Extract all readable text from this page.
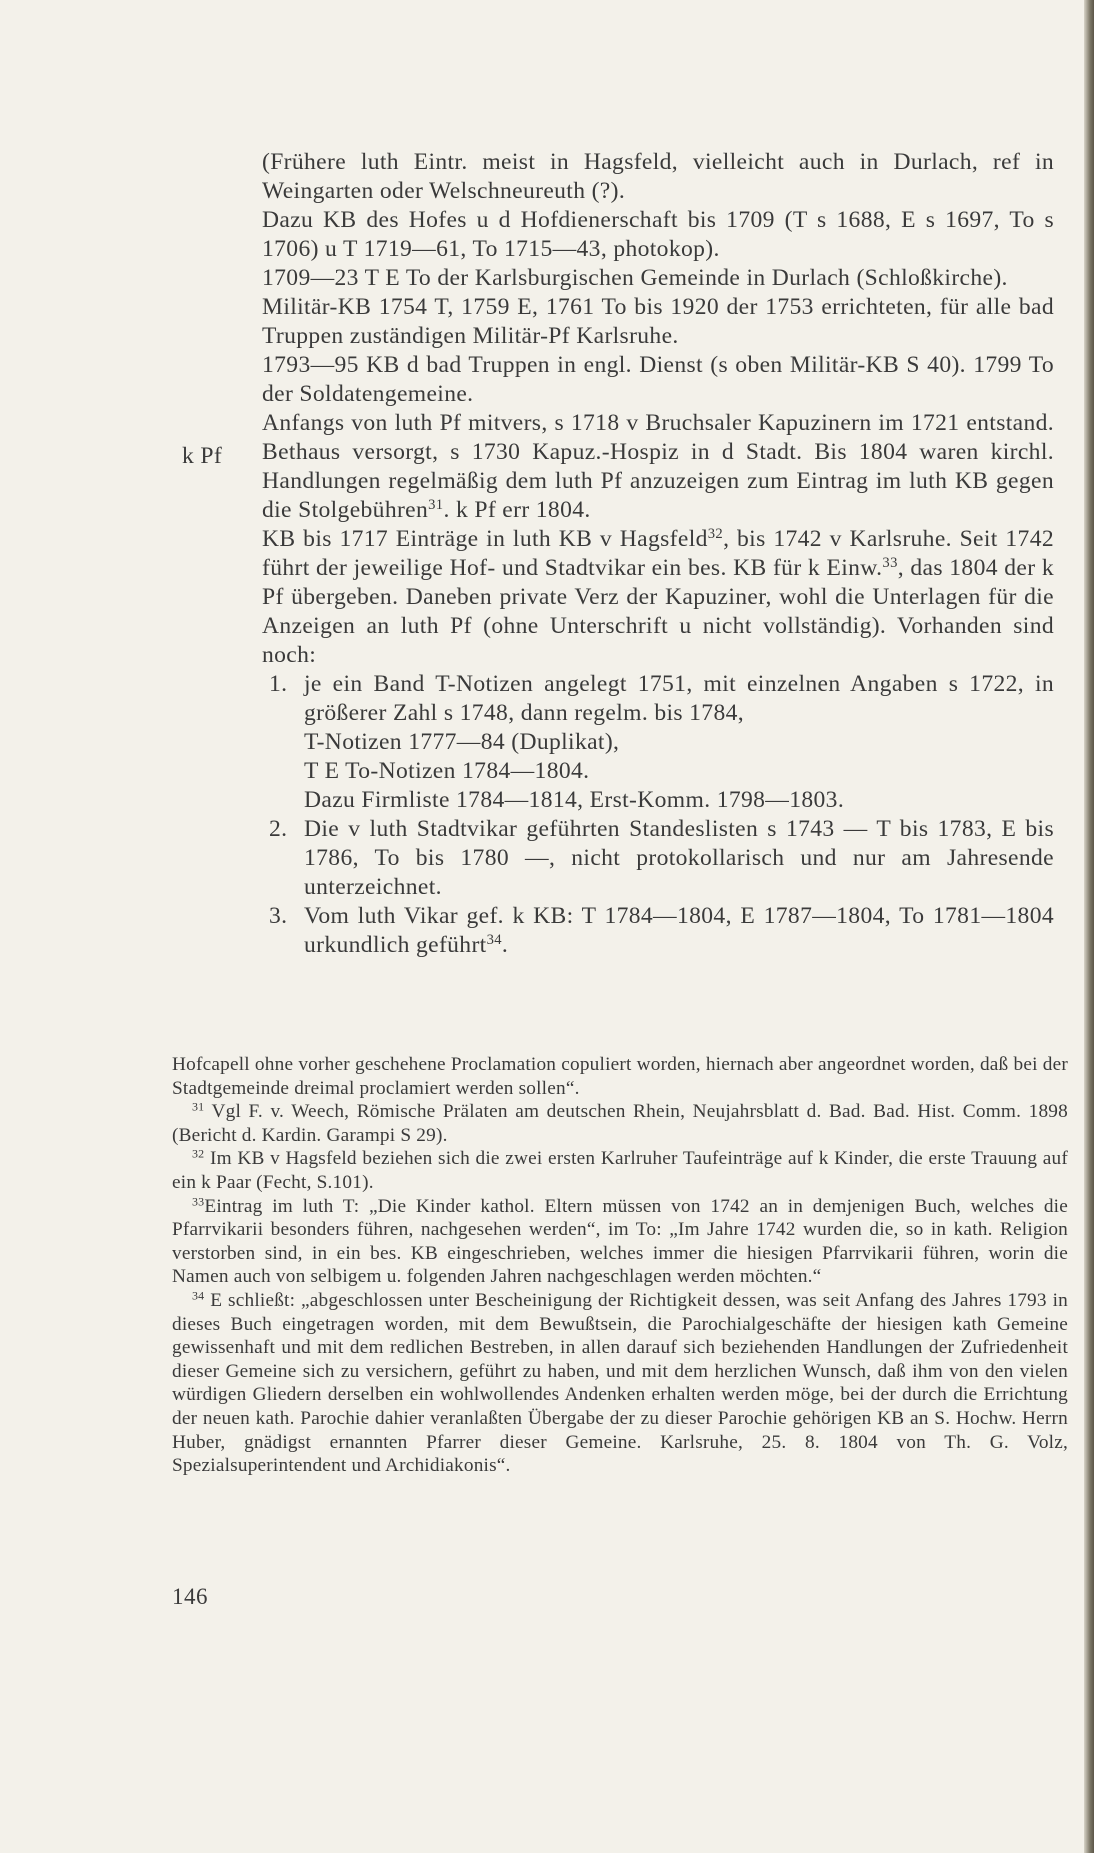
k Pf

(Frühere luth Eintr. meist in Hagsfeld, vielleicht auch in Durlach, ref in Weingarten oder Welschneureuth (?).

Dazu KB des Hofes u d Hofdienerschaft bis 1709 (T s 1688, E s 1697, To s 1706) u T 1719—61, To 1715—43, photokop).

1709—23 T E To der Karlsburgischen Gemeinde in Durlach (Schloßkirche).

Militär-KB 1754 T, 1759 E, 1761 To bis 1920 der 1753 errichteten, für alle bad Truppen zuständigen Militär-Pf Karlsruhe.

1793—95 KB d bad Truppen in engl. Dienst (s oben Militär-KB S 40). 1799 To der Soldatengemeine.

Anfangs von luth Pf mitvers, s 1718 v Bruchsaler Kapuzinern im 1721 entstand. Bethaus versorgt, s 1730 Kapuz.-Hospiz in d Stadt. Bis 1804 waren kirchl. Handlungen regelmäßig dem luth Pf anzuzeigen zum Eintrag im luth KB gegen die Stolgebühren$^{31}$. k Pf err 1804.

KB bis 1717 Einträge in luth KB v Hagsfeld$^{32}$, bis 1742 v Karlsruhe. Seit 1742 führt der jeweilige Hof- und Stadtvikar ein bes. KB für k Einw.$^{33}$, das 1804 der k Pf übergeben. Daneben private Verz der Kapuziner, wohl die Unterlagen für die Anzeigen an luth Pf (ohne Unterschrift u nicht vollständig). Vorhanden sind noch:

1. je ein Band T-Notizen angelegt 1751, mit einzelnen Angaben s 1722, in größerer Zahl s 1748, dann regelm. bis 1784,

T-Notizen 1777—84 (Duplikat),

T E To-Notizen 1784—1804.

Dazu Firmliste 1784—1814, Erst-Komm. 1798—1803.

2. Die v luth Stadtvikar geführten Standeslisten s 1743 — T bis 1783, E bis 1786, To bis 1780 —, nicht protokollarisch und nur am Jahresende unterzeichnet.

3. Vom luth Vikar gef. k KB: T 1784—1804, E 1787—1804, To 1781—1804 urkundlich geführt$^{34}$.

Hofcapell ohne vorher geschehene Proclamation copuliert worden, hiernach aber angeordnet worden, daß bei der Stadtgemeinde dreimal proclamiert werden sollen“.

$^{31}$ Vgl F. v. Weech, Römische Prälaten am deutschen Rhein, Neujahrsblatt d. Bad. Bad. Hist. Comm. 1898 (Bericht d. Kardin. Garampi S 29).

$^{32}$ Im KB v Hagsfeld beziehen sich die zwei ersten Karlruher Taufeinträge auf k Kinder, die erste Trauung auf ein k Paar (Fecht, S.101).

$^{33}$Eintrag im luth T: „Die Kinder kathol. Eltern müssen von 1742 an in demjenigen Buch, welches die Pfarrvikarii besonders führen, nachgesehen werden“, im To: „Im Jahre 1742 wurden die, so in kath. Religion verstorben sind, in ein bes. KB eingeschrieben, welches immer die hiesigen Pfarrvikarii führen, worin die Namen auch von selbigem u. folgenden Jahren nachgeschlagen werden möchten.“

$^{34}$ E schließt: „abgeschlossen unter Bescheinigung der Richtigkeit dessen, was seit Anfang des Jahres 1793 in dieses Buch eingetragen worden, mit dem Bewußtsein, die Parochialgeschäfte der hiesigen kath Gemeine gewissenhaft und mit dem redlichen Bestreben, in allen darauf sich beziehenden Handlungen der Zufriedenheit dieser Gemeine sich zu versichern, geführt zu haben, und mit dem herzlichen Wunsch, daß ihm von den vielen würdigen Gliedern derselben ein wohlwollendes Andenken erhalten werden möge, bei der durch die Errichtung der neuen kath. Parochie dahier veranlaßten Übergabe der zu dieser Parochie gehörigen KB an S. Hochw. Herrn Huber, gnädigst ernannten Pfarrer dieser Gemeine. Karlsruhe, 25. 8. 1804 von Th. G. Volz, Spezialsuperintendent und Archidiakonis“.

146
